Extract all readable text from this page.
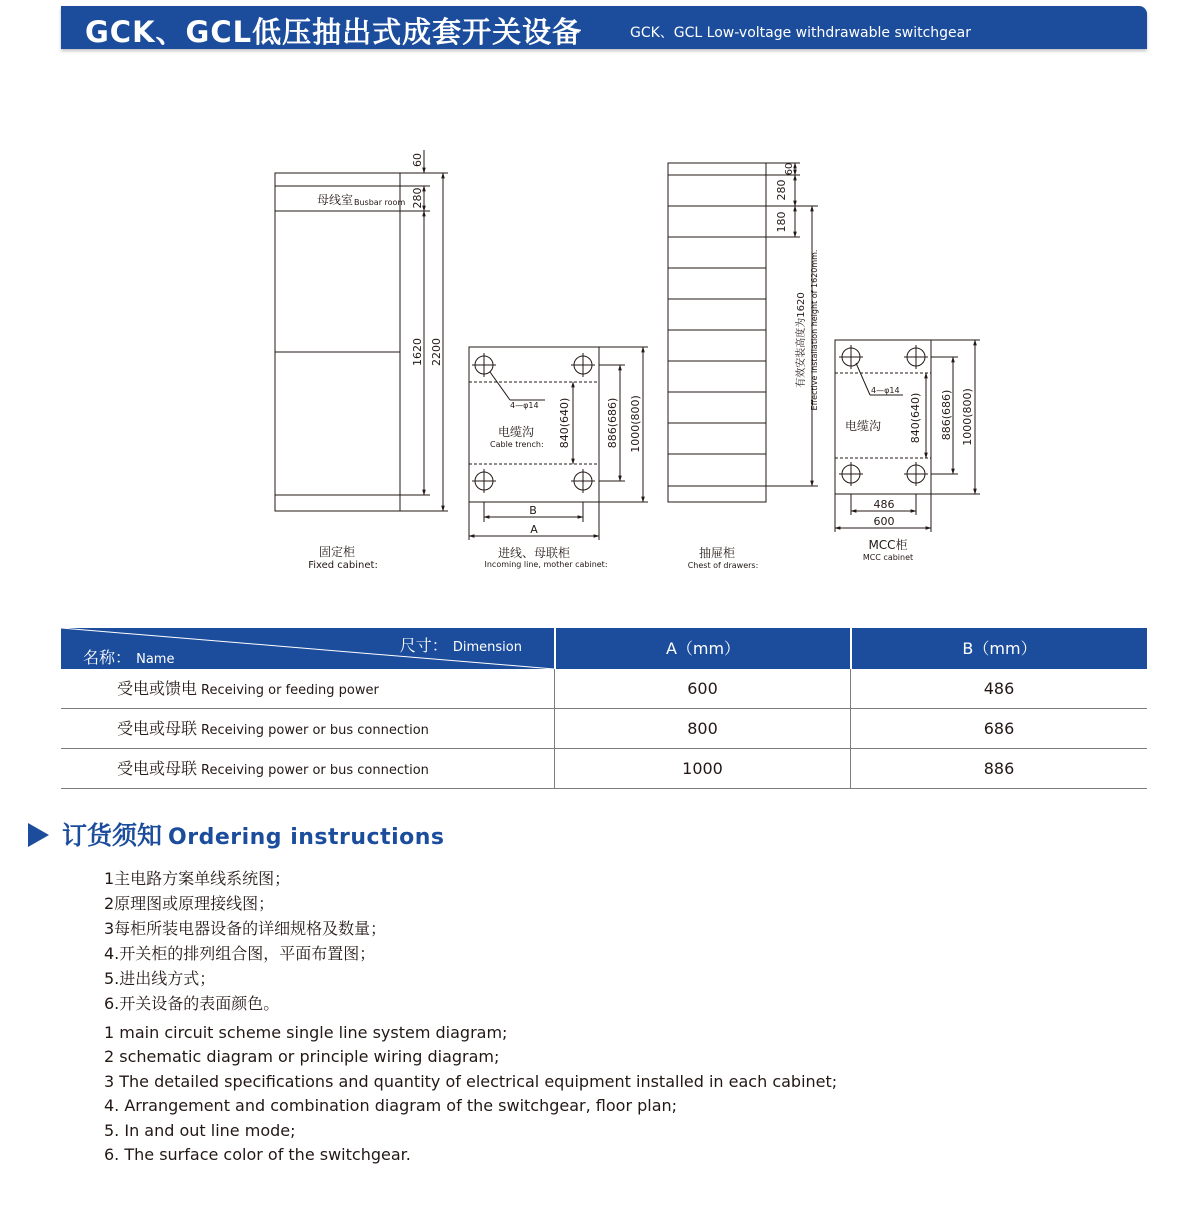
GCK、GCL低压抽出式成套开关设备	GCK、GCL Low-voltage withdrawable switchgear
母线室 Busbar room
60
280
1620 2200
固定柜
Fixed cabinet:
4—φ14
电缆沟
Cable trench: 840(640)	886(686) 1000(800)
B
A
进线、母联柜
Incoming line, mother cabinet:
60
280
180
有效安装高度为1620 Effective installation height of 1620mm.
抽屉柜
Chest of drawers:
4—φ14
电缆沟	840(640) 886(686) 1000(800)
486
600
MCC柜
MCC cabinet
尺寸： Dimension
名称： Name
A（mm）	B（mm）
受电或馈电 Receiving or feeding power	600	486
受电或母联 Receiving power or bus connection	800	686
受电或母联 Receiving power or bus connection	1000	886
订货须知 Ordering instructions
1主电路方案单线系统图；
2原理图或原理接线图；
3每柜所装电器设备的详细规格及数量；
4.开关柜的排列组合图，平面布置图；
5.进出线方式；
6.开关设备的表面颜色。
1 main circuit scheme single line system diagram;
2 schematic diagram or principle wiring diagram;
3 The detailed specifications and quantity of electrical equipment installed in each cabinet;
4. Arrangement and combination diagram of the switchgear, floor plan;
5. In and out line mode;
6. The surface color of the switchgear.
